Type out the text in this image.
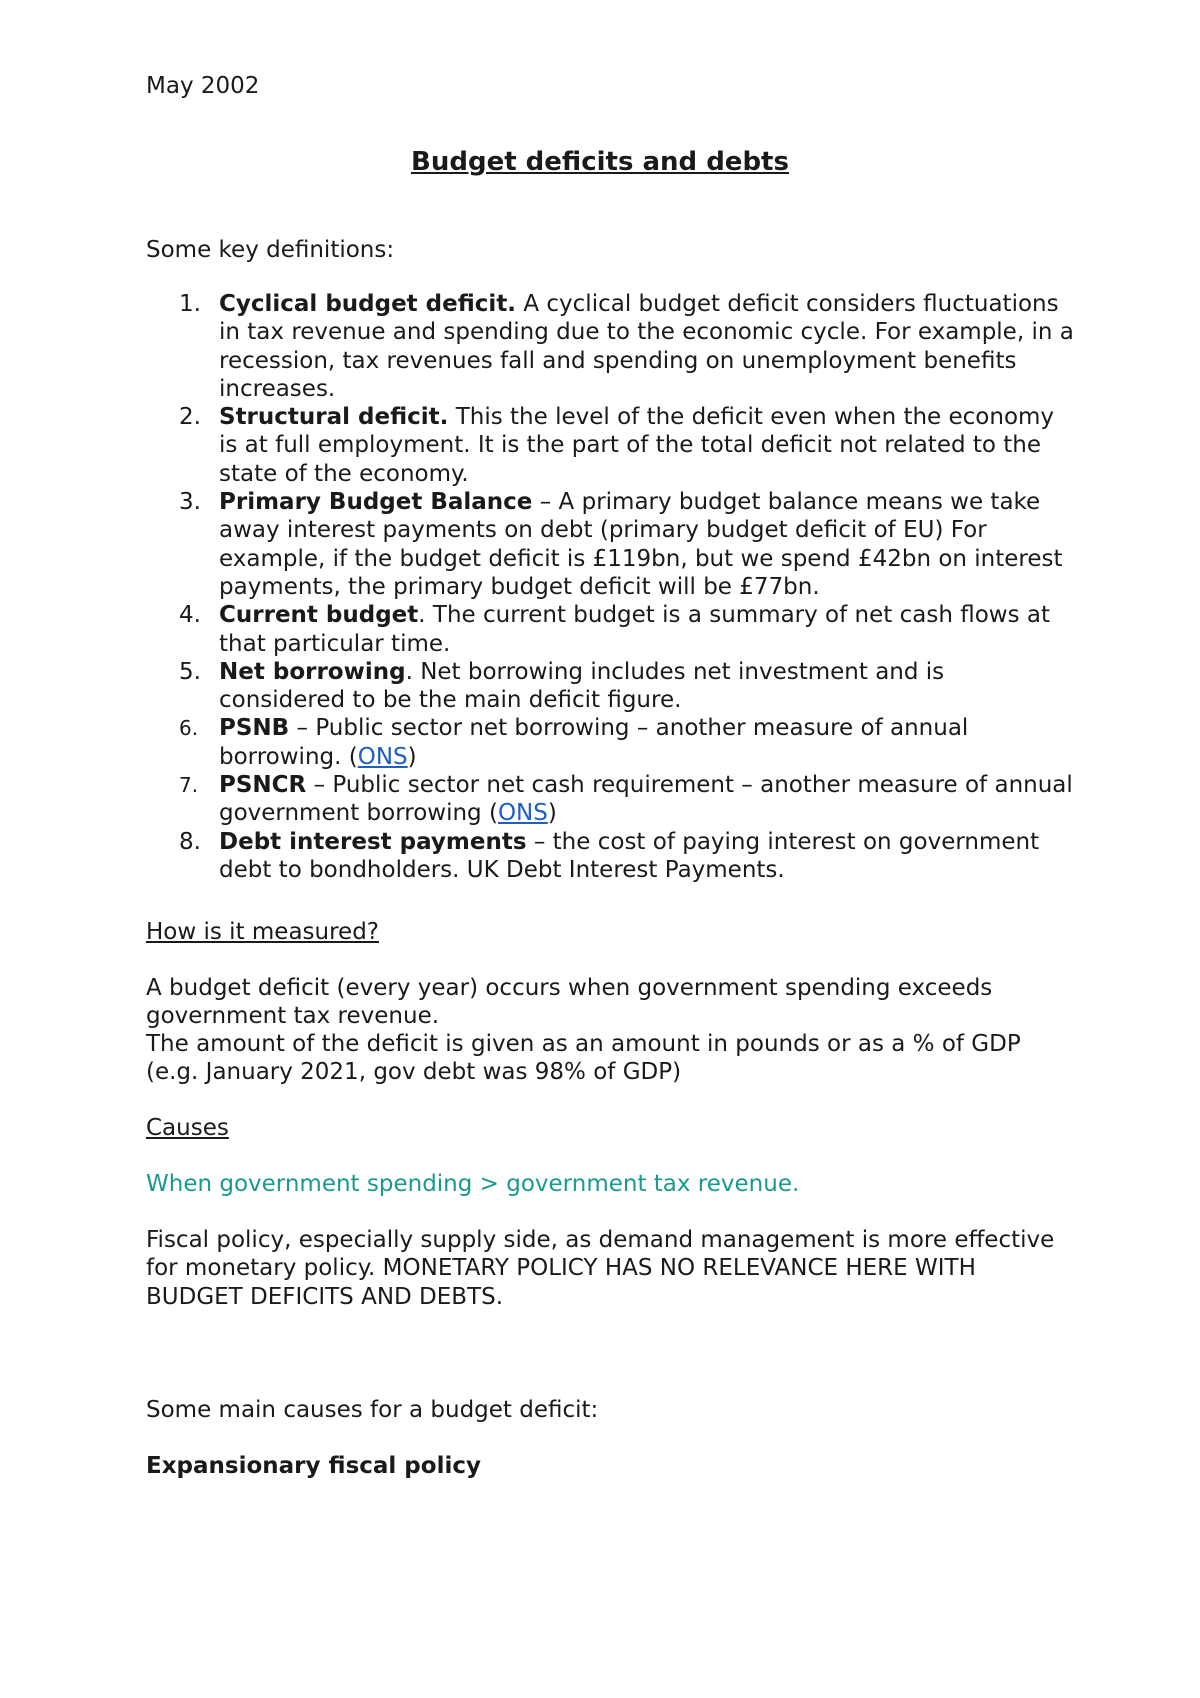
May 2002
Budget deficits and debts
Some key definitions:
1. Cyclical budget deficit. A cyclical budget deficit considers fluctuations in tax revenue and spending due to the economic cycle. For example, in a recession, tax revenues fall and spending on unemployment benefits increases.
2. Structural deficit. This the level of the deficit even when the economy is at full employment. It is the part of the total deficit not related to the state of the economy.
3. Primary Budget Balance – A primary budget balance means we take away interest payments on debt (primary budget deficit of EU) For example, if the budget deficit is £119bn, but we spend £42bn on interest payments, the primary budget deficit will be £77bn.
4. Current budget. The current budget is a summary of net cash flows at that particular time.
5. Net borrowing. Net borrowing includes net investment and is considered to be the main deficit figure.
6. PSNB – Public sector net borrowing – another measure of annual borrowing. (ONS)
7. PSNCR – Public sector net cash requirement – another measure of annual government borrowing (ONS)
8. Debt interest payments – the cost of paying interest on government debt to bondholders. UK Debt Interest Payments.
How is it measured?
A budget deficit (every year) occurs when government spending exceeds government tax revenue.
The amount of the deficit is given as an amount in pounds or as a % of GDP (e.g. January 2021, gov debt was 98% of GDP)
Causes
When government spending > government tax revenue.
Fiscal policy, especially supply side, as demand management is more effective for monetary policy. MONETARY POLICY HAS NO RELEVANCE HERE WITH BUDGET DEFICITS AND DEBTS.
Some main causes for a budget deficit:
Expansionary fiscal policy
